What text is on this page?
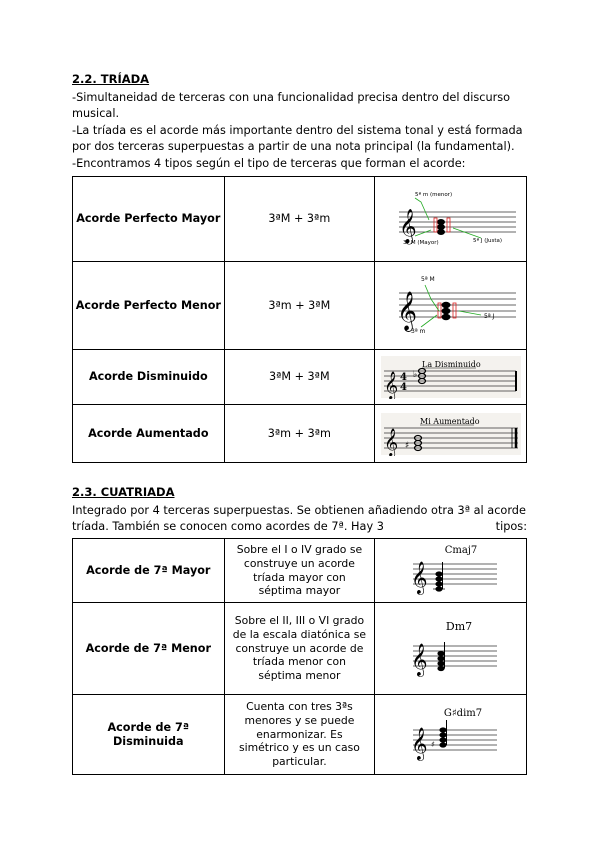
2.2. TRÍADA

-Simultaneidad de terceras con una funcionalidad precisa dentro del discurso musical.

-La tríada es el acorde más importante dentro del sistema tonal y está formada por dos terceras superpuestas a partir de una nota principal (la fundamental).

-Encontramos 4 tipos según el tipo de terceras que forman el acorde:

Acorde Perfecto Mayor	3ªM + 3ªm	𝄞
5ª m (menor)
3ª M (Mayor) 5ª J (Justa)

Acorde Perfecto Menor	3ªm + 3ªM	𝄞
5ª M
3ª m
5ª J

Acorde Disminuido	3ªM + 3ªM	𝄞 4
4
♭
La Disminuido

Acorde Aumentado	3ªm + 3ªm	𝄞 ♯
Mi Aumentado
2.3. CUATRIADA

Integrado por 4 terceras superpuestas. Se obtienen añadiendo otra 3ª al acorde

tríada. También se conocen como acordes de 7ª. Hay 3	tipos:

Acorde de 7ª Mayor	Sobre el I o IV grado se construye un acorde tríada mayor con séptima mayor	Cmaj7
𝄞

Acorde de 7ª Menor	Sobre el II, III o VI grado de la escala diatónica se construye un acorde de tríada menor con séptima menor	Dm7
𝄞

Acorde de 7ª Disminuida	Cuenta con tres 3ªs menores y se puede enarmonizar. Es simétrico y es un caso particular.	G♯dim7
𝄞 ♯
